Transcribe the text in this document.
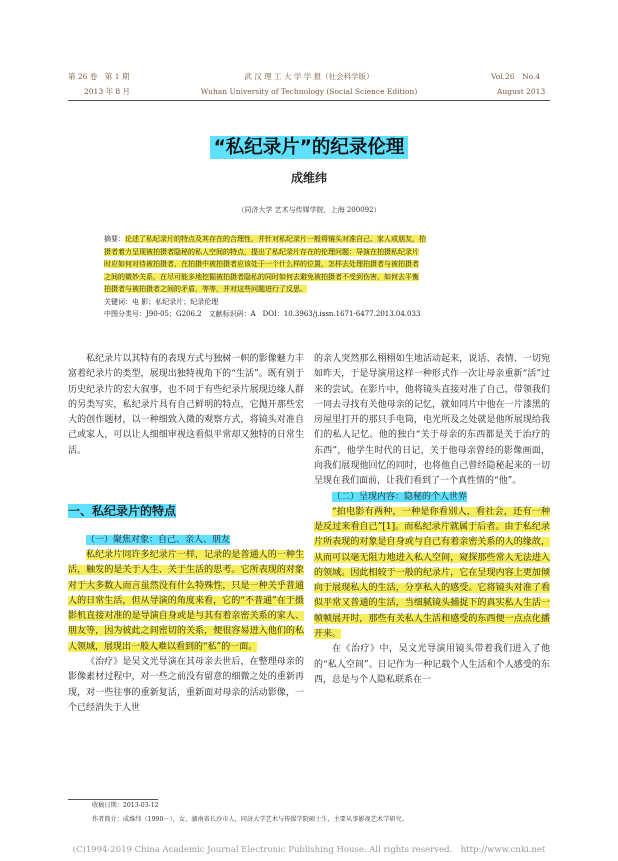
第 26 卷　第 1 期
2013 年 8 月
武 汉 理 工 大 学 学 报（社会科学版）
Wuhan University of Technology (Social Science Edition)
Vol.26　No.4
August 2013
“私纪录片”的纪录伦理
成维纬
（同济大学 艺术与传媒学院，上海 200092）
摘要：论述了私纪录片的特点及其存在的合理性，并针对私纪录片一般将镜头对准自己、家人或朋友，拍
摄者着力呈现被拍摄者隐秘的私人空间的特点，提出了私纪录片存在的伦理问题：导演在拍摄私纪录片
时应如何对待被拍摄者，在拍摄中被拍摄者应该处于一个什么样的位置，怎样去处理拍摄者与被拍摄者
之间的微妙关系，在尽可能多地挖掘被拍摄者隐私的同时如何去避免被拍摄者不受到伤害，如何去平衡
拍摄者与被拍摄者之间的矛盾，等等，并对这些问题进行了反思。
关键词：电 影；私纪录片；纪录伦理
中图分类号：J90-05；G206.2　文献标识码：A　DOI：10.3963/j.issn.1671-6477.2013.04.033

私纪录片以其特有的表现方式与独树一帜的影像魅力丰富着纪录片的类型，展现出独特视角下的“生活”。既有别于历史纪录片的宏大叙事，也不同于有些纪录片展现边缘人群的另类写实，私纪录片具有自己鲜明的特点，它抛开那些宏大的创作题材，以一种细致入微的观察方式，将镜头对准自己或家人，可以让人细细审视这看似平常却又独特的日常生活。

一、私纪录片的特点
（一）聚焦对象：自己、亲人、朋友

私纪录片同许多纪录片一样，记录的是普通人的一种生活，触发的是关于人生、关于生活的思考。它所表现的对象对于大多数人而言虽然没有什么特殊性，只是一种关乎普通人的日常生活，但从导演的角度来看，它的“不普通”在于摄影机直接对准的是导演自身或是与其有着亲密关系的家人、朋友等，因为彼此之间密切的关系，便很容易进入他们的私人领域，展现出一般人难以看到的“私”的一面。

《治疗》是吴文光导演在其母亲去世后，在整理母亲的影像素材过程中，对一些之前没有留意的细微之处的重新再现，对一些往事的重新复活，重新面对母亲的活动影像，一个已经消失于人世

的亲人突然那么栩栩如生地活动起来，说话、表情、一切宛如昨天，于是导演用这样一种形式作一次让母亲重新“活”过来的尝试。在影片中，他将镜头直接对准了自己，带领我们一同去寻找有关他母亲的记忆，就如同片中他在一片漆黑的房屋里打开的那只手电筒，电光所及之处就是他所展现给我们的私人记忆。他的独白“关于母亲的东西都是关于治疗的东西”，他学生时代的日记，关于他母亲曾经的影像画面，向我们展现他回忆的同时，也将他自己曾经隐秘起来的一切呈现在我们面前，让我们看到了一个真性情的“他”。

（二）呈现内容：隐秘的个人世界

“拍电影有两种，一种是你看别人，看社会，还有一种是反过来看自己”[1]。而私纪录片就属于后者。由于私纪录片所表现的对象是自身或与自己有着亲密关系的人的缘故，从而可以毫无阻力地进入私人空间，窥探那些常人无法进入的领域。因此相较于一般的纪录片，它在呈现内容上更加倾向于展现私人的生活，分享私人的感受。它将镜头对准了看似平常又普通的生活，当细腻镜头捕捉下的真实私人生活一帧帧展开时，那些有关私人生活和感受的东西便一点点化播开来。

在《治疗》中，吴文光导演用镜头带着我们进入了他的“私人空间”。日记作为一种记载个人生活和个人感受的东西，总是与个人隐私联系在一

收稿日期：2013-03-12
作者简介：成维纬（1990－），女，湖南省长沙市人，同济大学艺术与传媒学院硕士生，主要从事影视艺术学研究。
(C)1994-2019 China Academic Journal Electronic Publishing House. All rights reserved.　http://www.cnki.net
